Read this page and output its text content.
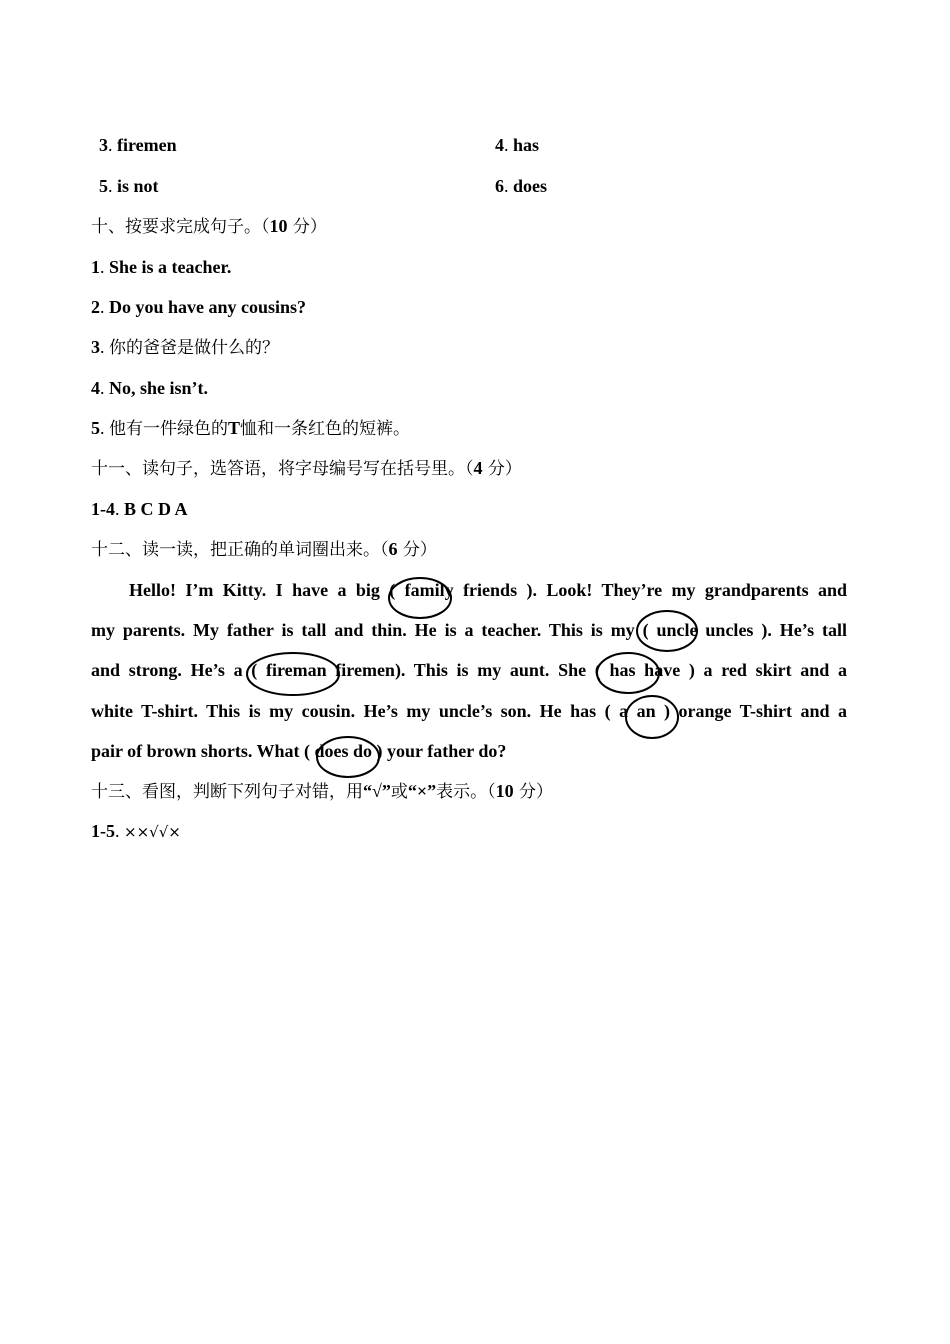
3. firemen	4. has
5. is not	6. does
十、按要求完成句子。（10 分）
1. She is a teacher.
2. Do you have any cousins?
3. 你的爸爸是做什么的？
4. No, she isn’t.
5. 他有一件绿色的T恤和一条红色的短裤。
十一、读句子，选答语，将字母编号写在括号里。（4 分）
1-4. B C D A
十二、读一读，把正确的单词圈出来。（6 分）
Hello! I’m Kitty. I have a big ( family friends ). Look! They’re my grandparents and
my parents. My father is tall and thin. He is a teacher. This is my ( uncle uncles ). He’s tall
and strong. He’s a ( fireman firemen). This is my aunt. She ( has have ) a red skirt and a
white T-shirt. This is my cousin. He’s my uncle’s son. He has ( a an ) orange T-shirt and a
pair of brown shorts. What ( does do ) your father do?
十三、看图，判断下列句子对错，用“√”或“×”表示。（10 分）
1-5. ××√√×
